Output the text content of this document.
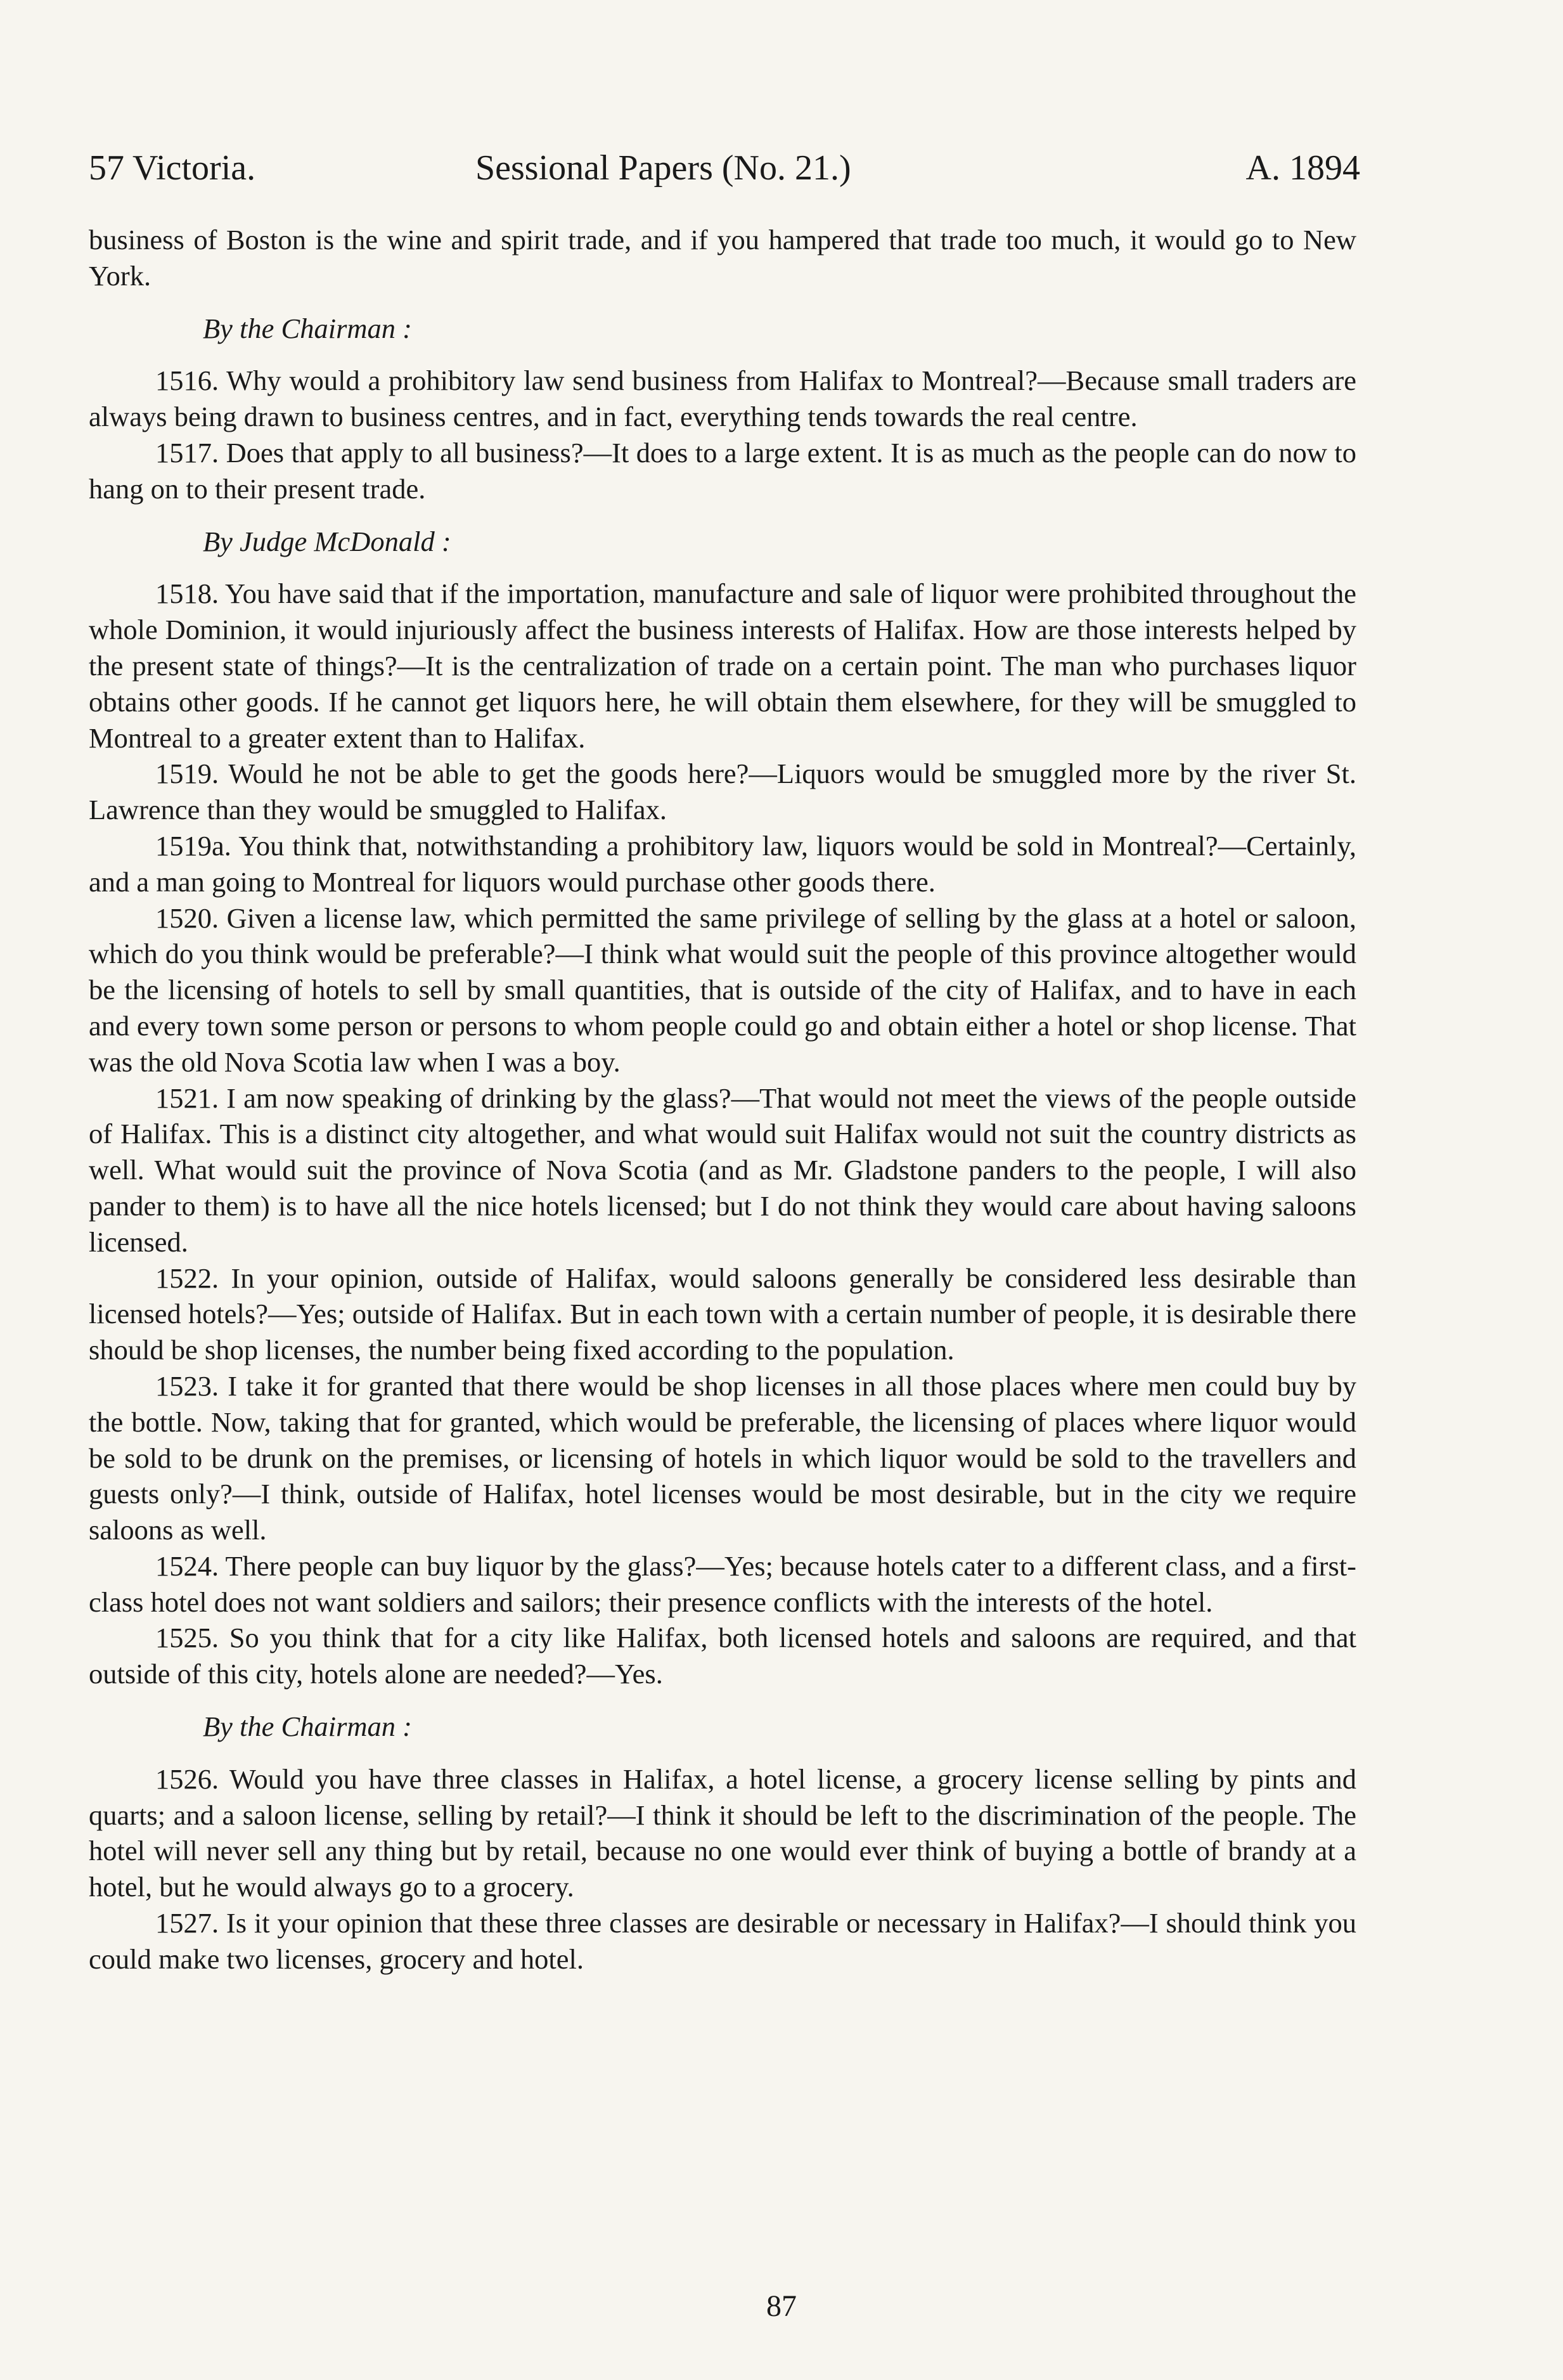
57 Victoria.	Sessional Papers (No. 21.)	A. 1894

business of Boston is the wine and spirit trade, and if you hampered that trade too much, it would go to New York.

By the Chairman :

1516. Why would a prohibitory law send business from Halifax to Montreal?—Because small traders are always being drawn to business centres, and in fact, everything tends towards the real centre.

1517. Does that apply to all business?—It does to a large extent. It is as much as the people can do now to hang on to their present trade.

By Judge McDonald :

1518. You have said that if the importation, manufacture and sale of liquor were prohibited throughout the whole Dominion, it would injuriously affect the business interests of Halifax. How are those interests helped by the present state of things?—It is the centralization of trade on a certain point. The man who purchases liquor obtains other goods. If he cannot get liquors here, he will obtain them elsewhere, for they will be smuggled to Montreal to a greater extent than to Halifax.

1519. Would he not be able to get the goods here?—Liquors would be smuggled more by the river St. Lawrence than they would be smuggled to Halifax.

1519a. You think that, notwithstanding a prohibitory law, liquors would be sold in Montreal?—Certainly, and a man going to Montreal for liquors would purchase other goods there.

1520. Given a license law, which permitted the same privilege of selling by the glass at a hotel or saloon, which do you think would be preferable?—I think what would suit the people of this province altogether would be the licensing of hotels to sell by small quantities, that is outside of the city of Halifax, and to have in each and every town some person or persons to whom people could go and obtain either a hotel or shop license. That was the old Nova Scotia law when I was a boy.

1521. I am now speaking of drinking by the glass?—That would not meet the views of the people outside of Halifax. This is a distinct city altogether, and what would suit Halifax would not suit the country districts as well. What would suit the province of Nova Scotia (and as Mr. Gladstone panders to the people, I will also pander to them) is to have all the nice hotels licensed; but I do not think they would care about having saloons licensed.

1522. In your opinion, outside of Halifax, would saloons generally be considered less desirable than licensed hotels?—Yes; outside of Halifax. But in each town with a certain number of people, it is desirable there should be shop licenses, the number being fixed according to the population.

1523. I take it for granted that there would be shop licenses in all those places where men could buy by the bottle. Now, taking that for granted, which would be preferable, the licensing of places where liquor would be sold to be drunk on the premises, or licensing of hotels in which liquor would be sold to the travellers and guests only?—I think, outside of Halifax, hotel licenses would be most desirable, but in the city we require saloons as well.

1524. There people can buy liquor by the glass?—Yes; because hotels cater to a different class, and a first-class hotel does not want soldiers and sailors; their presence conflicts with the interests of the hotel.

1525. So you think that for a city like Halifax, both licensed hotels and saloons are required, and that outside of this city, hotels alone are needed?—Yes.

By the Chairman :

1526. Would you have three classes in Halifax, a hotel license, a grocery license selling by pints and quarts; and a saloon license, selling by retail?—I think it should be left to the discrimination of the people. The hotel will never sell any thing but by retail, because no one would ever think of buying a bottle of brandy at a hotel, but he would always go to a grocery.

1527. Is it your opinion that these three classes are desirable or necessary in Halifax?—I should think you could make two licenses, grocery and hotel.

87
